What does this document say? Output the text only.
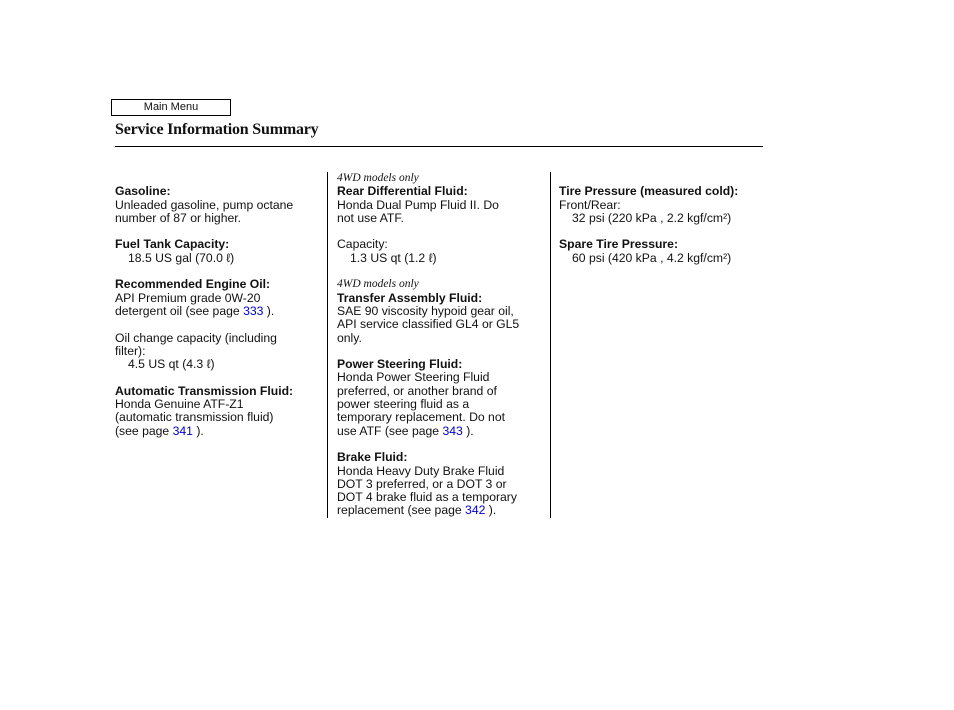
Main Menu
Service Information Summary

Gasoline:

Unleaded gasoline, pump octane

number of 87 or higher.

Fuel Tank Capacity:

18.5 US gal (70.0 ℓ)

Recommended Engine Oil:

API Premium grade 0W-20

detergent oil (see page 333 ).

Oil change capacity (including

filter):

4.5 US qt (4.3 ℓ)

Automatic Transmission Fluid:

Honda Genuine ATF-Z1

(automatic transmission fluid)

(see page 341 ).

4WD models only

Rear Differential Fluid:

Honda Dual Pump Fluid II. Do

not use ATF.

Capacity:

1.3 US qt (1.2 ℓ)

4WD models only

Transfer Assembly Fluid:

SAE 90 viscosity hypoid gear oil,

API service classified GL4 or GL5

only.

Power Steering Fluid:

Honda Power Steering Fluid

preferred, or another brand of

power steering fluid as a

temporary replacement. Do not

use ATF (see page 343 ).

Brake Fluid:

Honda Heavy Duty Brake Fluid

DOT 3 preferred, or a DOT 3 or

DOT 4 brake fluid as a temporary

replacement (see page 342 ).

Tire Pressure (measured cold):

Front/Rear:

32 psi (220 kPa , 2.2 kgf/cm²)

Spare Tire Pressure:

60 psi (420 kPa , 4.2 kgf/cm²)
